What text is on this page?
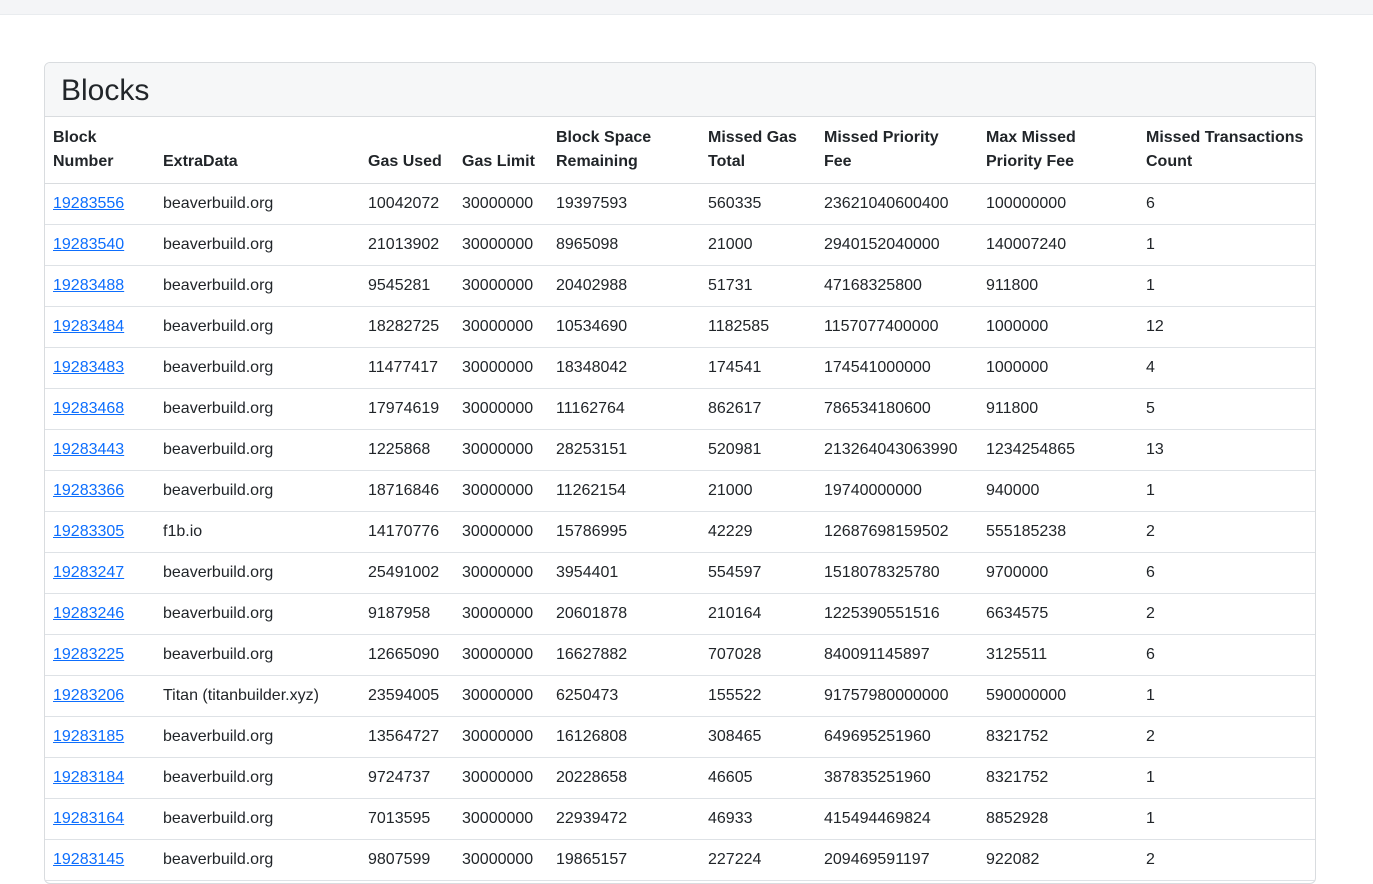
Blocks
Block Number	ExtraData	Gas Used	Gas Limit	Block Space Remaining	Missed Gas Total	Missed Priority Fee	Max Missed Priority Fee	Missed Transactions Count
19283556	beaverbuild.org	10042072	30000000	19397593	560335	23621040600400	100000000	6
19283540	beaverbuild.org	21013902	30000000	8965098	21000	2940152040000	140007240	1
19283488	beaverbuild.org	9545281	30000000	20402988	51731	47168325800	911800	1
19283484	beaverbuild.org	18282725	30000000	10534690	1182585	1157077400000	1000000	12
19283483	beaverbuild.org	11477417	30000000	18348042	174541	174541000000	1000000	4
19283468	beaverbuild.org	17974619	30000000	11162764	862617	786534180600	911800	5
19283443	beaverbuild.org	1225868	30000000	28253151	520981	213264043063990	1234254865	13
19283366	beaverbuild.org	18716846	30000000	11262154	21000	19740000000	940000	1
19283305	f1b.io	14170776	30000000	15786995	42229	12687698159502	555185238	2
19283247	beaverbuild.org	25491002	30000000	3954401	554597	1518078325780	9700000	6
19283246	beaverbuild.org	9187958	30000000	20601878	210164	1225390551516	6634575	2
19283225	beaverbuild.org	12665090	30000000	16627882	707028	840091145897	3125511	6
19283206	Titan (titanbuilder.xyz)	23594005	30000000	6250473	155522	91757980000000	590000000	1
19283185	beaverbuild.org	13564727	30000000	16126808	308465	649695251960	8321752	2
19283184	beaverbuild.org	9724737	30000000	20228658	46605	387835251960	8321752	1
19283164	beaverbuild.org	7013595	30000000	22939472	46933	415494469824	8852928	1
19283145	beaverbuild.org	9807599	30000000	19865157	227224	209469591197	922082	2
